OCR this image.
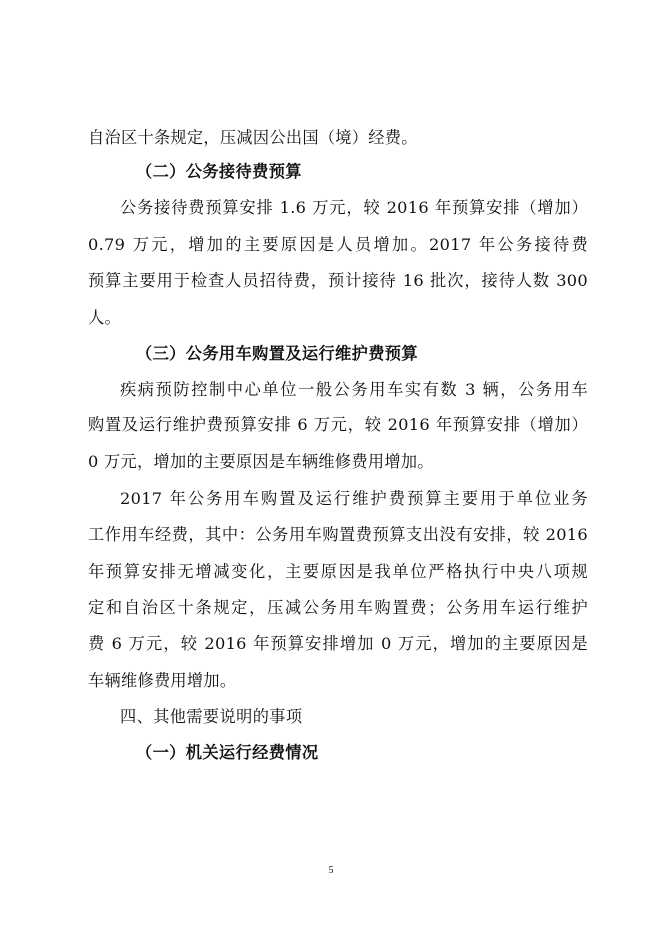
自治区十条规定，压减因公出国（境）经费。
（二）公务接待费预算
公务接待费预算安排 1.6 万元，较 2016 年预算安排（增加）
0.79 万元，增加的主要原因是人员增加。2017 年公务接待费
预算主要用于检查人员招待费，预计接待 16 批次，接待人数 300
人。
（三）公务用车购置及运行维护费预算
疾病预防控制中心单位一般公务用车实有数 3 辆，公务用车
购置及运行维护费预算安排 6 万元，较 2016 年预算安排（增加）
0 万元，增加的主要原因是车辆维修费用增加。
2017 年公务用车购置及运行维护费预算主要用于单位业务
工作用车经费，其中：公务用车购置费预算支出没有安排，较 2016
年预算安排无增减变化，主要原因是我单位严格执行中央八项规
定和自治区十条规定，压减公务用车购置费；公务用车运行维护
费 6 万元，较 2016 年预算安排增加 0 万元，增加的主要原因是
车辆维修费用增加。
四、其他需要说明的事项
（一）机关运行经费情况
5
